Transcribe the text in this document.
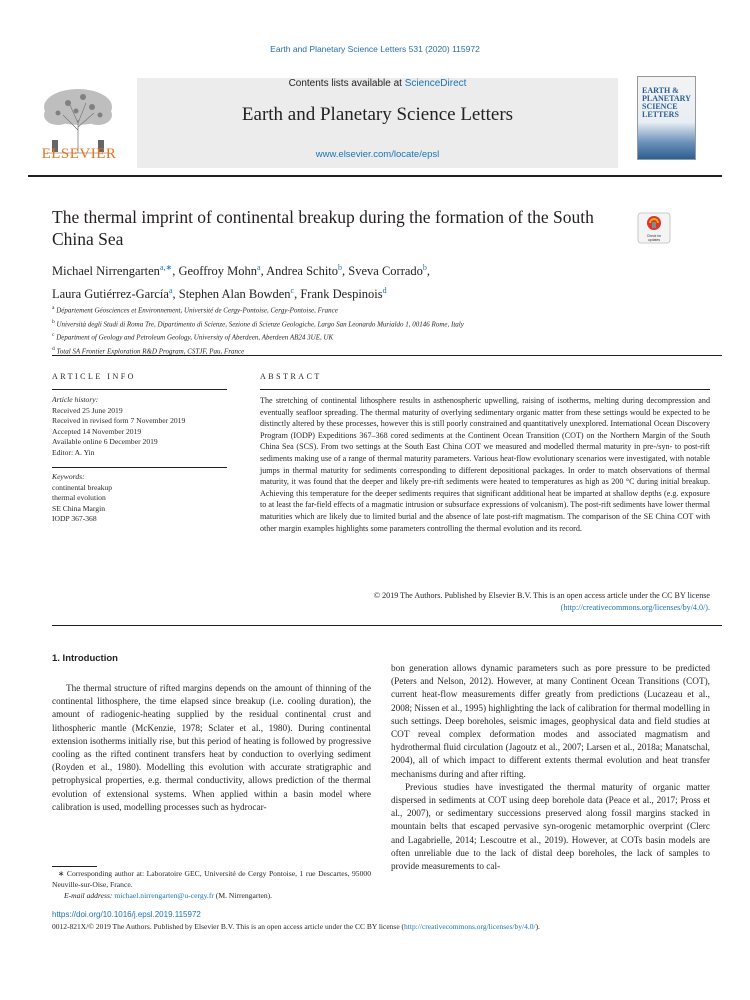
Earth and Planetary Science Letters 531 (2020) 115972
ELSEVIER
Contents lists available at ScienceDirect
Earth and Planetary Science Letters
www.elsevier.com/locate/epsl
EARTH & PLANETARY SCIENCE LETTERS
The thermal imprint of continental breakup during the formation of the South China Sea	Check for
updates
Michael Nirrengarten$^{a,∗}$, Geoffroy Mohn$^a$, Andrea Schito$^b$, Sveva Corrado$^b$,
Laura Gutiérrez-García$^a$, Stephen Alan Bowden$^c$, Frank Despinois$^d$
$^a$ Département Géosciences et Environnement, Université de Cergy-Pontoise, Cergy-Pontoise, France
$^b$ Università degli Studi di Roma Tre, Dipartimento di Scienze, Sezione di Scienze Geologiche, Largo San Leonardo Murialdo 1, 00146 Rome, Italy
$^c$ Department of Geology and Petroleum Geology, University of Aberdeen, Aberdeen AB24 3UE, UK
$^d$ Total SA Frontier Exploration R&D Program, CSTJF, Pau, France
ARTICLE INFO
Article history:
Received 25 June 2019
Received in revised form 7 November 2019
Accepted 14 November 2019
Available online 6 December 2019
Editor: A. Yin
Keywords:
continental breakup
thermal evolution
SE China Margin
IODP 367-368
ABSTRACT
The stretching of continental lithosphere results in asthenospheric upwelling, raising of isotherms, melting during decompression and eventually seafloor spreading. The thermal maturity of overlying sedimentary organic matter from these settings would be expected to be distinctly altered by these processes, however this is still poorly constrained and quantitatively unexplored. International Ocean Discovery Program (IODP) Expeditions 367–368 cored sediments at the Continent Ocean Transition (COT) on the Northern Margin of the South China Sea (SCS). From two settings at the South East China COT we measured and modelled thermal maturity in pre-/syn- to post-rift sediments making use of a range of thermal maturity parameters. Various heat-flow evolutionary scenarios were investigated, with notable jumps in thermal maturity for sediments corresponding to different depositional packages. In order to match observations of thermal maturity, it was found that the deeper and likely pre-rift sediments were heated to temperatures as high as 200 °C during initial breakup. Achieving this temperature for the deeper sediments requires that significant additional heat be imparted at shallow depths (e.g. exposure to at least the far-field effects of a magmatic intrusion or subsurface expressions of volcanism). The post-rift sediments have lower thermal maturities which are likely due to limited burial and the absence of late post-rift magmatism. The comparison of the SE China COT with other margin examples highlights some parameters controlling the thermal evolution and its record.
© 2019 The Authors. Published by Elsevier B.V. This is an open access article under the CC BY license (http://creativecommons.org/licenses/by/4.0/).
1. Introduction
The thermal structure of rifted margins depends on the amount of thinning of the continental lithosphere, the time elapsed since breakup (i.e. cooling duration), the amount of radiogenic-heating supplied by the residual continental crust and lithospheric mantle (McKenzie, 1978; Sclater et al., 1980). During continental extension isotherms initially rise, but this period of heating is followed by progressive cooling as the rifted continent transfers heat by conduction to overlying sediment (Royden et al., 1980). Modelling this evolution with accurate stratigraphic and petrophysical properties, e.g. thermal conductivity, allows prediction of the thermal evolution of extensional systems. When applied within a basin model where calibration is used, modelling processes such as hydrocar-

bon generation allows dynamic parameters such as pore pressure to be predicted (Peters and Nelson, 2012). However, at many Continent Ocean Transitions (COT), current heat-flow measurements differ greatly from predictions (Lucazeau et al., 2008; Nissen et al., 1995) highlighting the lack of calibration for thermal modelling in such settings. Deep boreholes, seismic images, geophysical data and field studies at COT reveal complex deformation modes and associated magmatism and hydrothermal fluid circulation (Jagoutz et al., 2007; Larsen et al., 2018a; Manatschal, 2004), all of which impact to different extents thermal evolution and heat transfer mechanisms during and after rifting.

Previous studies have investigated the thermal maturity of organic matter dispersed in sediments at COT using deep borehole data (Peace et al., 2017; Pross et al., 2007), or sedimentary successions preserved along fossil margins stacked in mountain belts that escaped pervasive syn-orogenic metamorphic overprint (Clerc and Lagabrielle, 2014; Lescoutre et al., 2019). However, at COTs basin models are often unreliable due to the lack of distal deep boreholes, the lack of samples to provide measurements to cal-

∗ Corresponding author at: Laboratoire GEC, Université de Cergy Pontoise, 1 rue Descartes, 95000 Neuville-sur-Oise, France.
E-mail address: michael.nirrengarten@u-cergy.fr (M. Nirrengarten).
https://doi.org/10.1016/j.epsl.2019.115972
0012-821X/© 2019 The Authors. Published by Elsevier B.V. This is an open access article under the CC BY license (http://creativecommons.org/licenses/by/4.0/).
